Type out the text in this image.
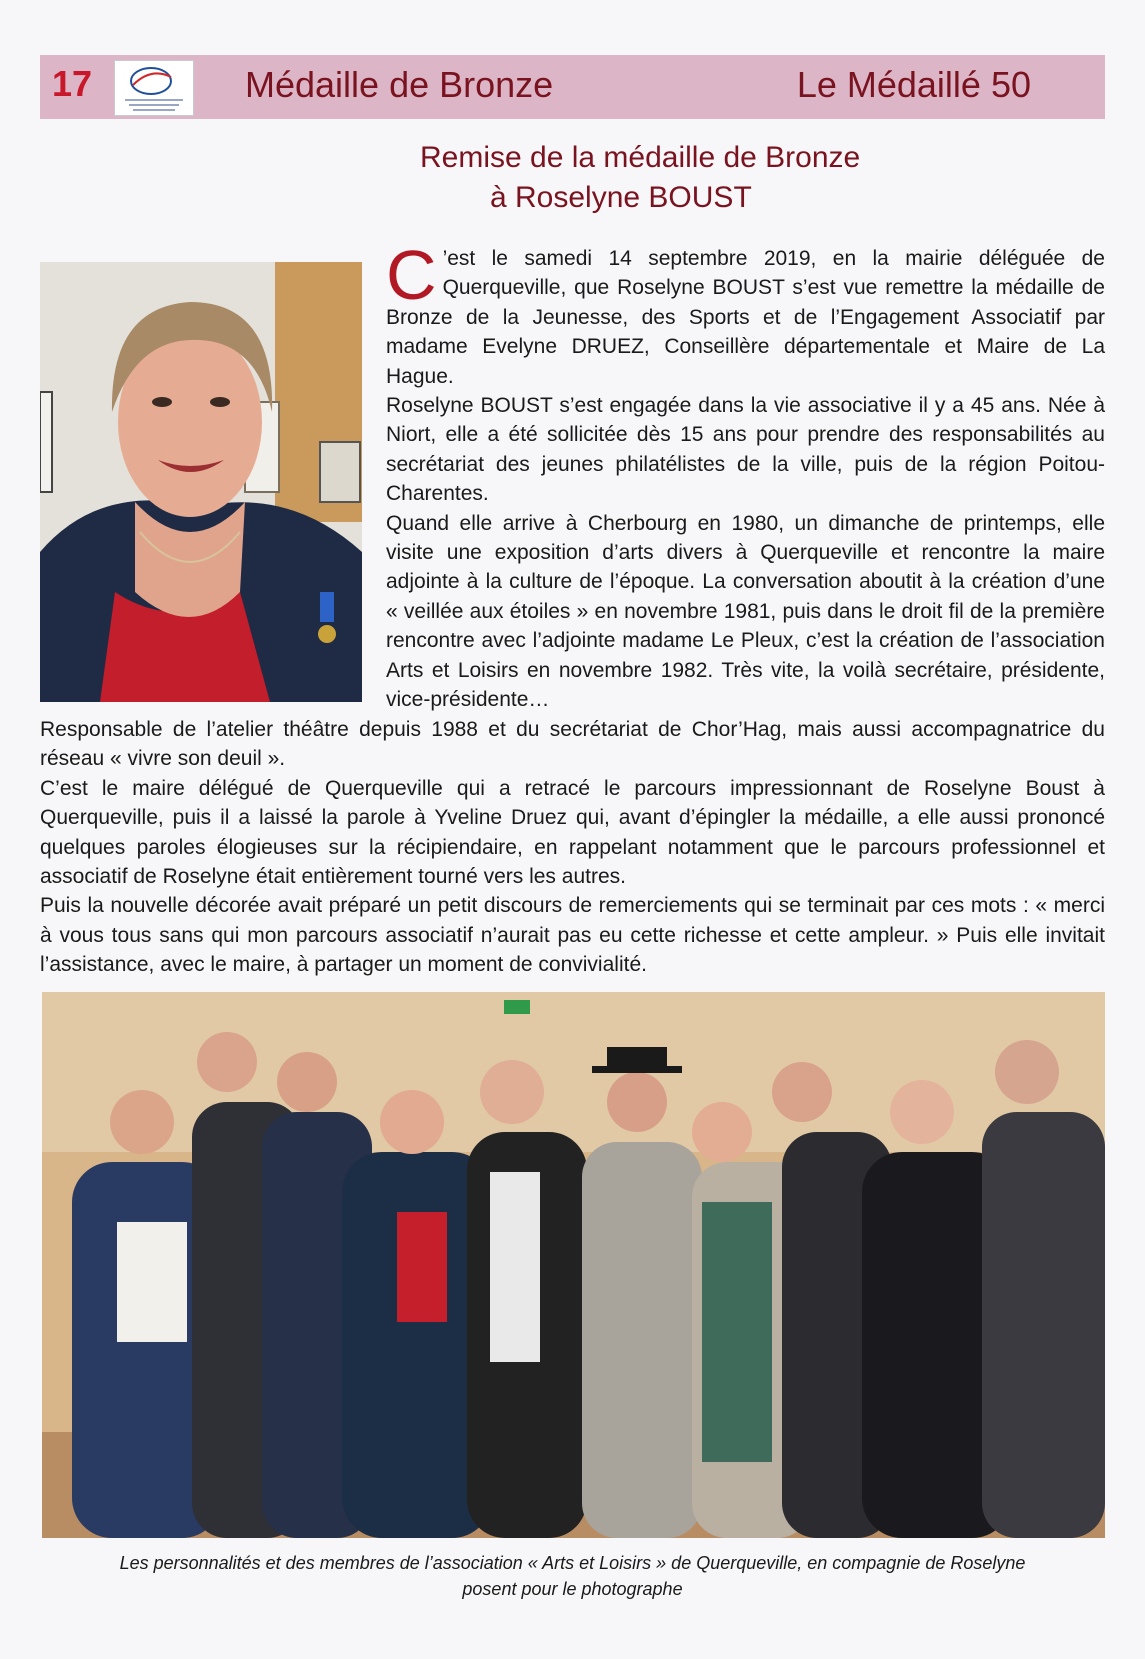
17	Médaille de Bronze	Le Médaillé 50
Remise de la médaille de Bronze
à Roselyne BOUST

C ’est le samedi 14 septembre 2019, en la mairie déléguée de Querqueville, que Roselyne BOUST s’est vue remettre la médaille de Bronze de la Jeunesse, des Sports et de l’Engagement Associatif par madame Evelyne DRUEZ, Conseillère départementale et Maire de La Hague.

Roselyne BOUST s’est engagée dans la vie associative il y a 45 ans. Née à Niort, elle a été sollicitée dès 15 ans pour prendre des responsabilités au secrétariat des jeunes philatélistes de la ville, puis de la région Poitou-Charentes.

Quand elle arrive à Cherbourg en 1980, un dimanche de printemps, elle visite une exposition d’arts divers à Querqueville et rencontre la maire adjointe à la culture de l’époque. La conversation aboutit à la création d’une « veillée aux étoiles » en novembre 1981, puis dans le droit fil de la première rencontre avec l’adjointe madame Le Pleux, c’est la création de l’association Arts et Loisirs en novembre 1982. Très vite, la voilà secrétaire, présidente, vice-présidente…

Responsable de l’atelier théâtre depuis 1988 et du secrétariat de Chor’Hag, mais aussi accompagnatrice du réseau « vivre son deuil ».

C’est le maire délégué de Querqueville qui a retracé le parcours impressionnant de Roselyne Boust à Querqueville, puis il a laissé la parole à Yveline Druez qui, avant d’épingler la médaille, a elle aussi prononcé quelques paroles élogieuses sur la récipiendaire, en rappelant notamment que le parcours professionnel et associatif de Roselyne était entièrement tourné vers les autres.

Puis la nouvelle décorée avait préparé un petit discours de remerciements qui se terminait par ces mots : « merci à vous tous sans qui mon parcours associatif n’aurait pas eu cette richesse et cette ampleur. » Puis elle invitait l’assistance, avec le maire, à partager un moment de convivialité.

Les personnalités et des membres de l’association « Arts et Loisirs » de Querqueville, en compagnie de Roselyne
posent pour le photographe
